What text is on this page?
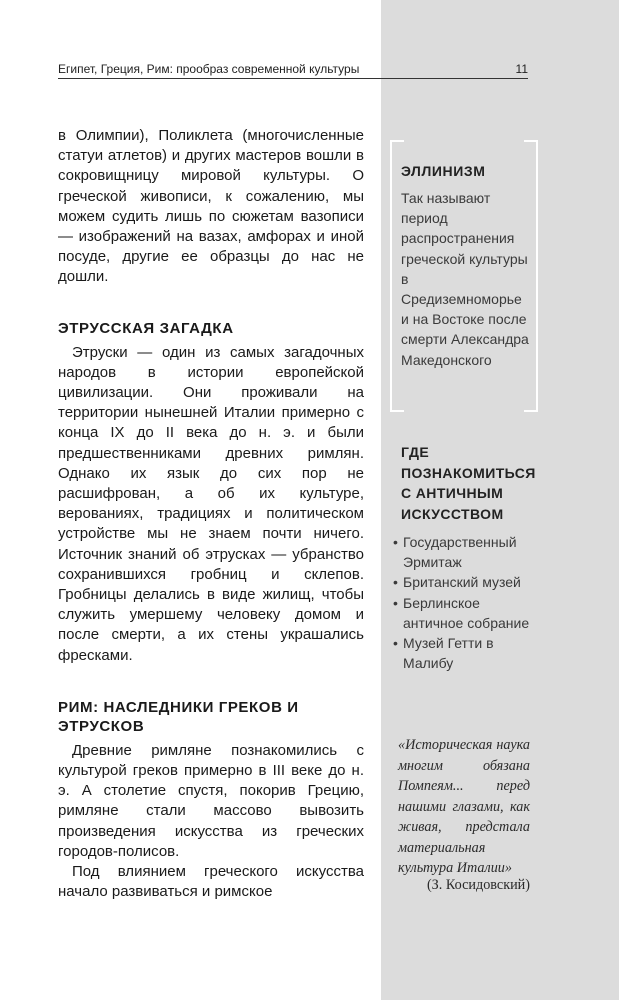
Египет, Греция, Рим: прообраз современной культуры	11

в Олимпии), Поликлета (многочисленные статуи атлетов) и других мастеров вошли в сокровищницу мировой культуры. О греческой живописи, к сожалению, мы можем судить лишь по сюжетам вазописи — изображений на вазах, амфорах и иной посуде, другие ее образцы до нас не дошли.

ЭТРУССКАЯ ЗАГАДКА

Этруски — один из самых загадочных народов в истории европейской цивилизации. Они проживали на территории нынешней Италии примерно с конца IX до II века до н. э. и были предшественниками древних римлян. Однако их язык до сих пор не расшифрован, а об их культуре, верованиях, традициях и политическом устройстве мы не знаем почти ничего. Источник знаний об этрусках — убранство сохранившихся гробниц и склепов. Гробницы делались в виде жилищ, чтобы служить умершему человеку домом и после смерти, а их стены украшались фресками.

РИМ: НАСЛЕДНИКИ ГРЕКОВ И ЭТРУСКОВ

Древние римляне познакомились с культурой греков примерно в III веке до н. э. А столетие спустя, покорив Грецию, римляне стали массово вывозить произведения искусства из греческих городов-полисов.

Под влиянием греческого искусства начало развиваться и римское

ЭЛЛИНИЗМ
Так называют период распространения греческой культуры в Средиземноморье и на Востоке после смерти Александра Македонского
ГДЕ ПОЗНАКОМИТЬСЯ С АНТИЧНЫМ ИСКУССТВОМ
• Государственный Эрмитаж
• Британский музей
• Берлинское античное собрание
• Музей Гетти в Малибу
«Историческая наука многим обязана Помпеям... перед нашими глазами, как живая, предстала материальная культура Италии»
(З. Косидовский)
